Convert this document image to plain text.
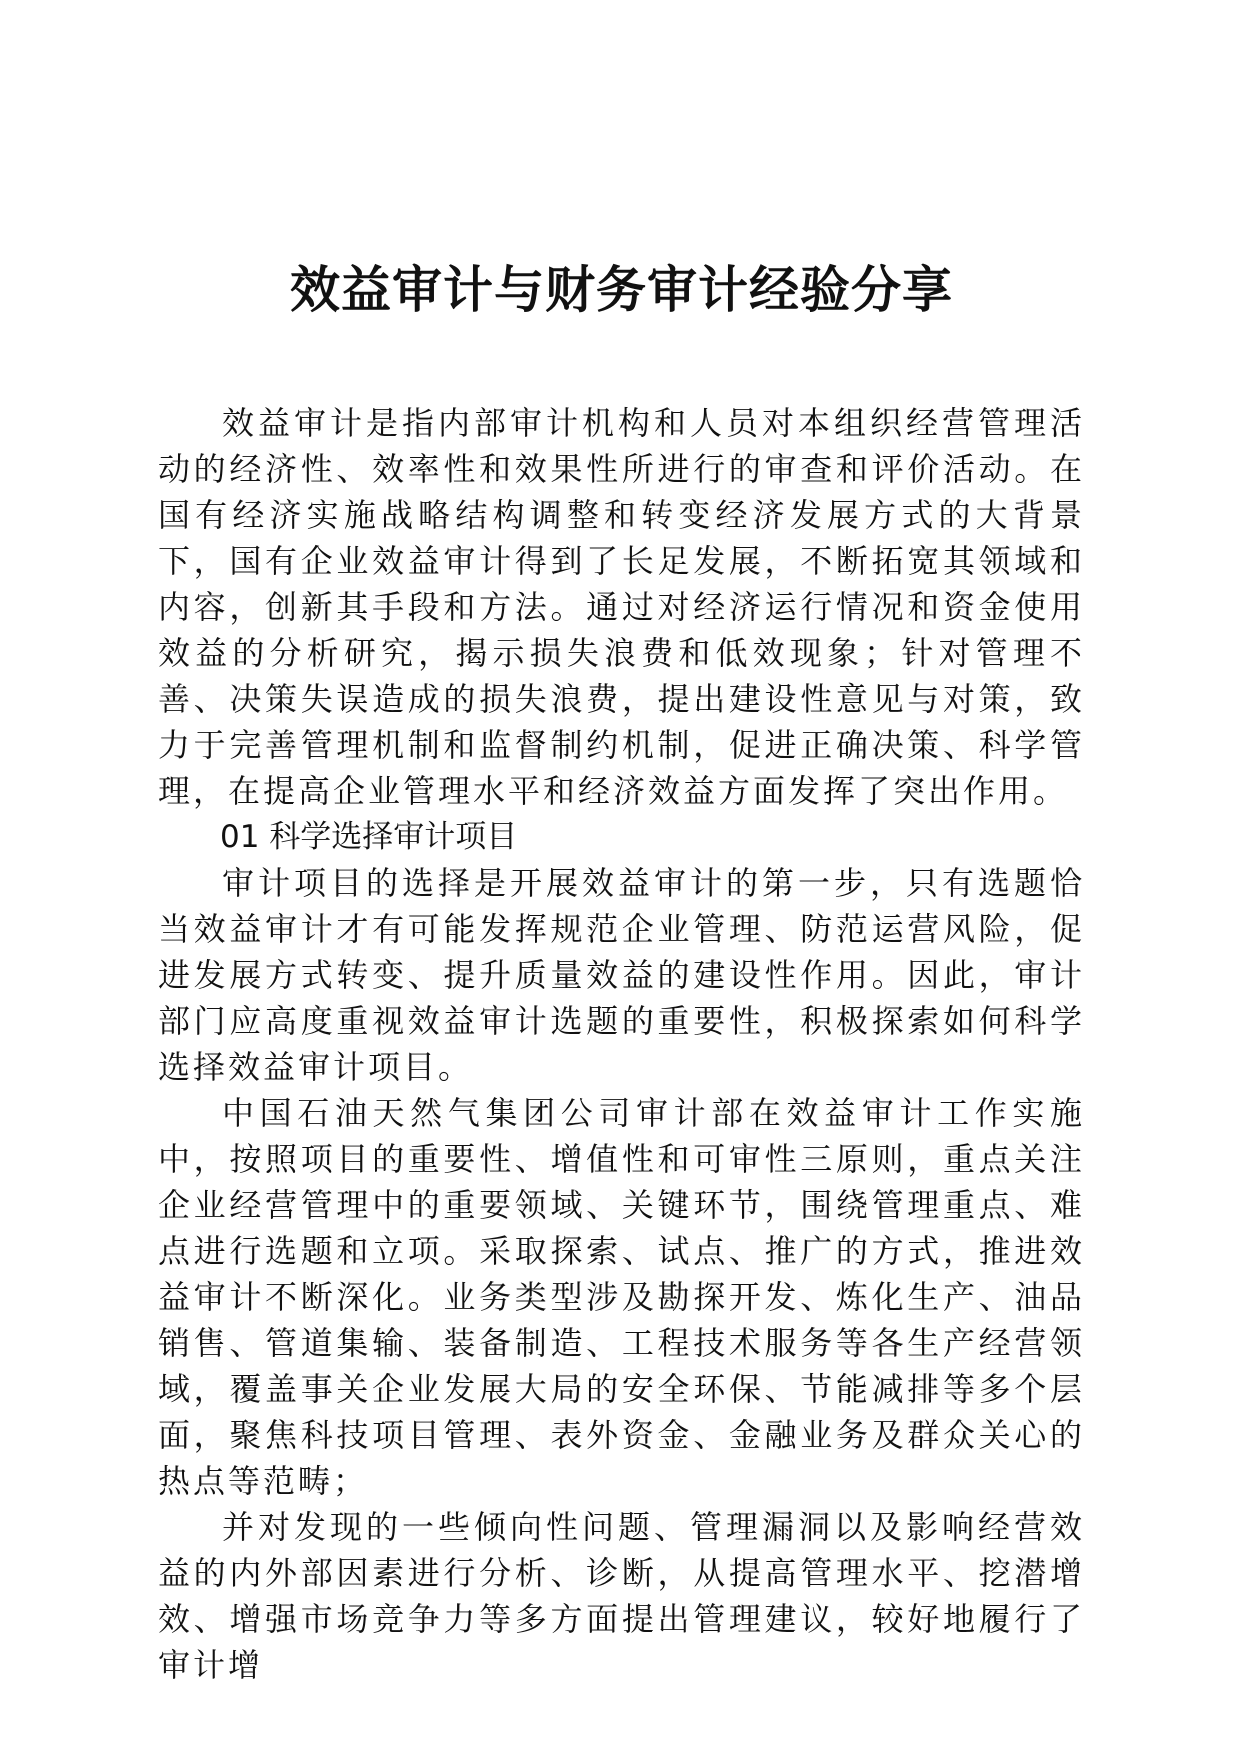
效益审计与财务审计经验分享

效益审计是指内部审计机构和人员对本组织经营管理活动的经济性、效率性和效果性所进行的审查和评价活动。在国有经济实施战略结构调整和转变经济发展方式的大背景下，国有企业效益审计得到了长足发展，不断拓宽其领域和内容，创新其手段和方法。通过对经济运行情况和资金使用效益的分析研究，揭示损失浪费和低效现象；针对管理不善、决策失误造成的损失浪费，提出建设性意见与对策，致力于完善管理机制和监督制约机制，促进正确决策、科学管理，在提高企业管理水平和经济效益方面发挥了突出作用。

01 科学选择审计项目

审计项目的选择是开展效益审计的第一步，只有选题恰当效益审计才有可能发挥规范企业管理、防范运营风险，促进发展方式转变、提升质量效益的建设性作用。因此，审计部门应高度重视效益审计选题的重要性，积极探索如何科学选择效益审计项目。

中国石油天然气集团公司审计部在效益审计工作实施中，按照项目的重要性、增值性和可审性三原则，重点关注企业经营管理中的重要领域、关键环节，围绕管理重点、难点进行选题和立项。采取探索、试点、推广的方式，推进效益审计不断深化。业务类型涉及勘探开发、炼化生产、油品销售、管道集输、装备制造、工程技术服务等各生产经营领域，覆盖事关企业发展大局的安全环保、节能减排等多个层面，聚焦科技项目管理、表外资金、金融业务及群众关心的热点等范畴；

并对发现的一些倾向性问题、管理漏洞以及影响经营效益的内外部因素进行分析、诊断，从提高管理水平、挖潜增效、增强市场竞争力等多方面提出管理建议，较好地履行了审计增
